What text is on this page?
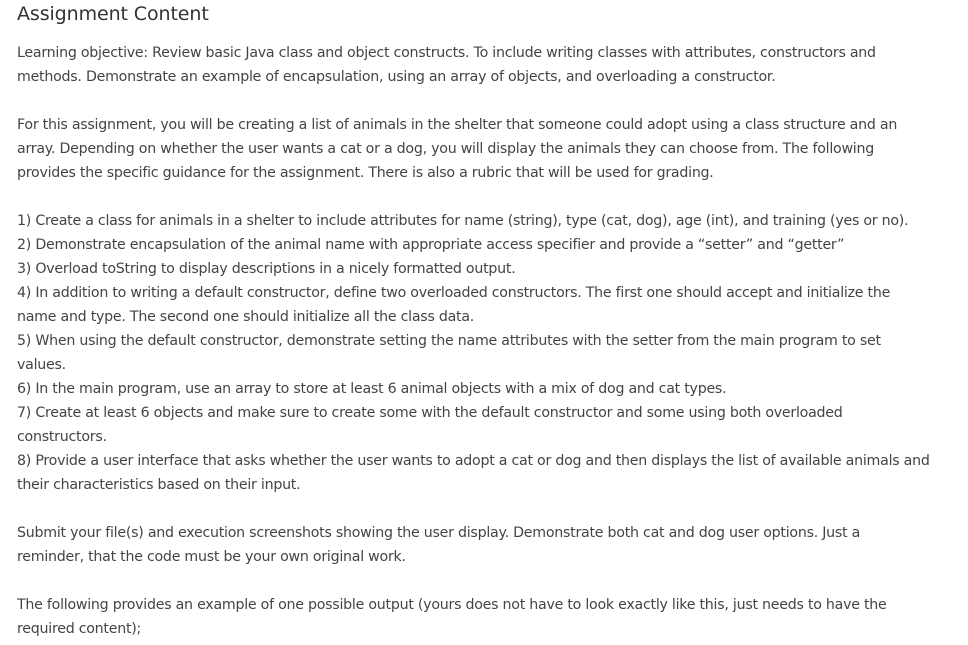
Assignment Content

Learning objective: Review basic Java class and object constructs. To include writing classes with attributes, constructors and
methods. Demonstrate an example of encapsulation, using an array of objects, and overloading a constructor.

For this assignment, you will be creating a list of animals in the shelter that someone could adopt using a class structure and an
array. Depending on whether the user wants a cat or a dog, you will display the animals they can choose from. The following
provides the specific guidance for the assignment. There is also a rubric that will be used for grading.

1) Create a class for animals in a shelter to include attributes for name (string), type (cat, dog), age (int), and training (yes or no).
2) Demonstrate encapsulation of the animal name with appropriate access specifier and provide a “setter” and “getter”
3) Overload toString to display descriptions in a nicely formatted output.
4) In addition to writing a default constructor, define two overloaded constructors. The first one should accept and initialize the
name and type. The second one should initialize all the class data.
5) When using the default constructor, demonstrate setting the name attributes with the setter from the main program to set
values.
6) In the main program, use an array to store at least 6 animal objects with a mix of dog and cat types.
7) Create at least 6 objects and make sure to create some with the default constructor and some using both overloaded
constructors.
8) Provide a user interface that asks whether the user wants to adopt a cat or dog and then displays the list of available animals and
their characteristics based on their input.

Submit your file(s) and execution screenshots showing the user display. Demonstrate both cat and dog user options. Just a
reminder, that the code must be your own original work.

The following provides an example of one possible output (yours does not have to look exactly like this, just needs to have the
required content);
